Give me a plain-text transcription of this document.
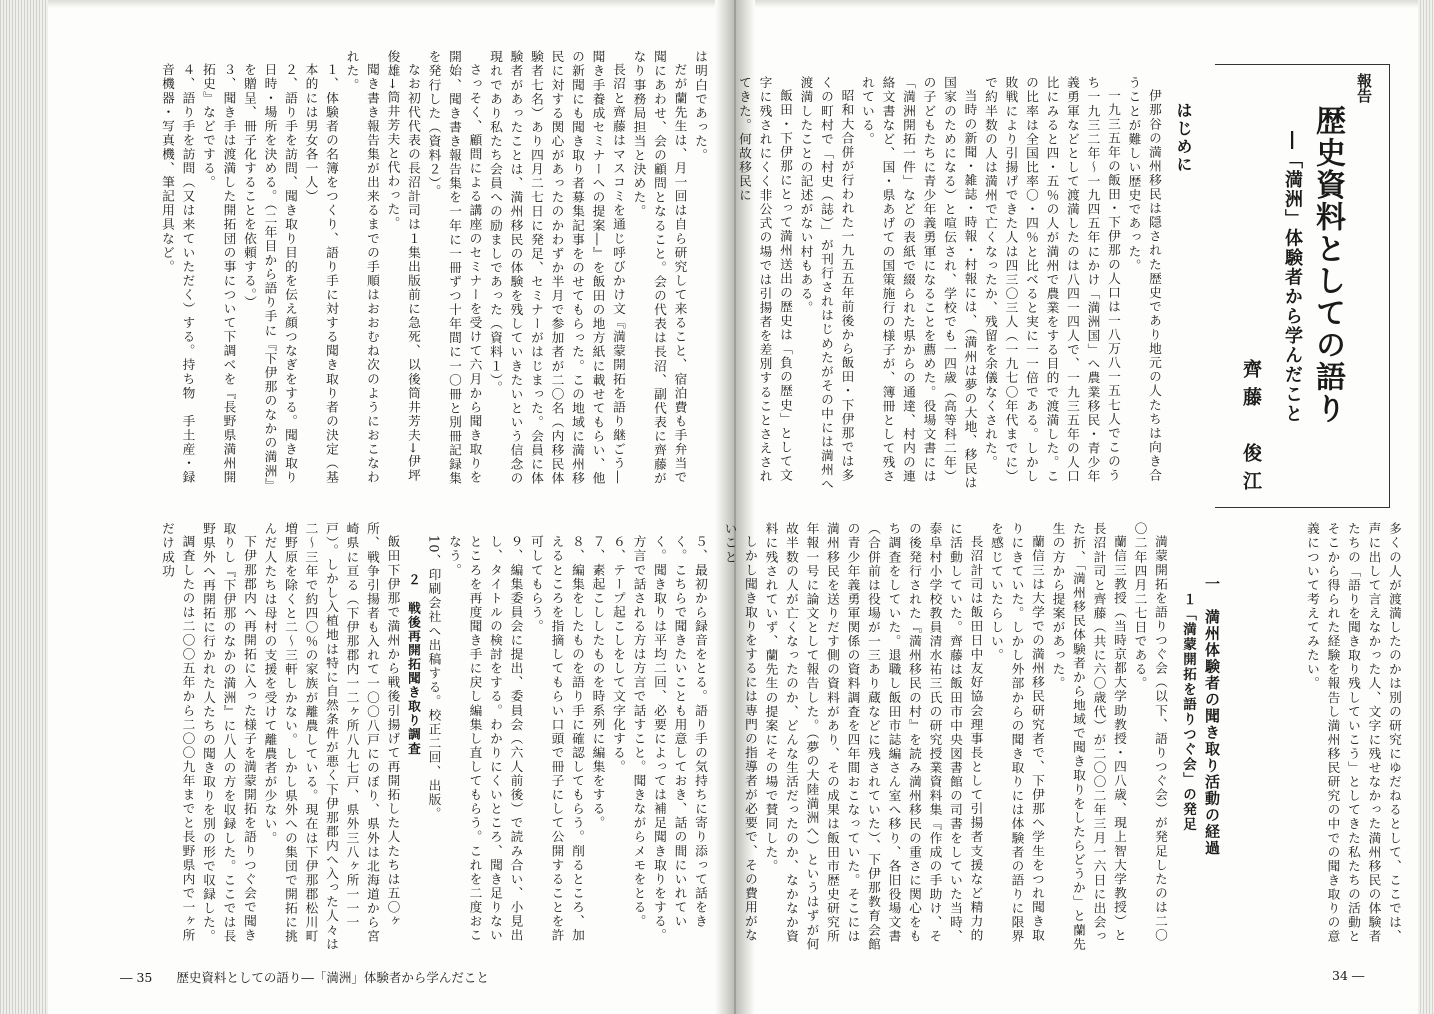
は明白であった。

だが蘭先生は、月一回は自ら研究して来ること、宿泊費も手弁当で聞にあわせ、会の顧問となること。会の代表は長沼、副代表に齊藤がなり事務局担当と決めた。

長沼と齊藤はマスコミを通じ呼びかけ文『満蒙開拓を語り継ごう―聞き手養成セミナーへの提案―』を飯田の地方紙に載せてもらい、他の新聞にも聞き取り者募集記事をのせてもらった。この地域に満州移民に対する関心があったのかわずか半月で参加者が二〇名（内移民体験者七名）あり四月二七日に発足、セミナーがはじまった。会員に体験者があったことは、満州移民の体験を残していきたいという信念の現れであり私たち会員への励ましであった（資料１）。

さっそく、顧問による講座のセミナーを受けて六月から聞き取りを開始、聞き書き報告集を一年に一冊ずつ十年間に一〇冊と別冊記録集を発行した（資料２）。

なお初代代表の長沼計司は１集出版前に急死、以後筒井芳夫→伊坪俊雄→筒井芳夫と代わった。

聞き書き報告集が出来るまでの手順はおおむね次のようにおこなわれた。

１、体験者の名簿をつくり、語り手に対する聞き取り者の決定（基本的には男女各一人）

２、語り手を訪問、聞き取り目的を伝え顔つなぎをする。聞き取り日時・場所を決める。（二年目から語り手に『下伊那のなかの満洲』を贈呈、冊子化することを依頼する。）

３、聞き手は渡満した開拓団の事について下調べを『長野県満州開拓史』などでする。

４、語り手を訪問（又は来ていただく）する。持ち物　手土産・録音機器・写真機、筆記用具など。

５、最初から録音をとる。語り手の気持ちに寄り添って話をきく。こちらで聞きたいことも用意しておき、話の間にいれていく。聞き取りは平均二回、必要によっては補足聞き取りをする。方言で話される方は方言で話すこと。聞きながらメモをとる。

６、テープ起こしをして文字化する。

７、素起こししたものを時系列に編集をする。

８、編集をしたものを語り手に確認してもらう。削るところ、加えるところを指摘してもらい口頭で冊子にして公開することを許可してもらう。

９、編集委員会に提出、委員会（六人前後）で読み合い、小見出し、タイトルの検討をする。わかりにくいところ、聞き足りないところを再度聞き手に戻し編集し直してもらう。これを二度おこなう。

10、印刷会社へ出稿する。校正二回、出版。

２　戦後再開拓聞き取り調査

飯田下伊那で満州から戦後引揚げて再開拓した人たちは五〇ヶ所、戦争引揚者も入れて一〇〇八戸にのぼり、県外は北海道から宮崎県に亘る（下伊那郡内一二ヶ所八九七戸、県外三八ヶ所一一一戸）。しかし入植地は特に自然条件が悪く下伊那郡内へ入った人々は二～三年で約四〇％の家族が離農している。現在は下伊那郡松川町増野原を除くと二～三軒しかない。しかし県外への集団で開拓に挑んだ人たちは母村の支援を受けて離農者が少ない。

下伊那郡内へ再開拓に入った様子を満蒙開拓を語りつぐ会で聞き取りし『下伊那のなかの満洲』に八人の方を収録した。ここでは長野県外へ再開拓に行かれた人たちの聞き取りを別の形で収録した。

調査したのは二〇〇五年から二〇〇九年までと長野県内で一ヶ所だけ成功

報告
歴史資料としての語り
―「満洲」体験者から学んだこと
齊藤　俊江
はじめに

伊那谷の満州移民は隠された歴史であり地元の人たちは向き合うことが難しい歴史であった。

一九三五年の飯田・下伊那の人口は一八万八一五七人でこのうち一九三二年～一九四五年にかけ「満洲国」へ農業移民・青少年義勇軍などとして渡満したのは八四一四人で、一九三五年の人口比にみると四・五％の人が満州で農業をする目的で渡満した。この比率は全国比率〇・四％と比べると実に一一倍である。しかし敗戦により引揚げできた人は四三〇三人（一九七〇年代までに）で約半数の人は満州で亡くなったか、残留を余儀なくされた。

当時の新聞・雑誌・時報・村報には、（満州は夢の大地、移民は国家のためになる）と喧伝され、学校でも一四歳（高等科二年）の子どもたちに青少年義勇軍になることを薦めた。役場文書には「満洲開拓一件」などの表紙で綴られた県からの通達、村内の連絡文書など、国・県あげての国策施行の様子が、簿冊として残されている。

昭和大合併が行われた一九五五年前後から飯田・下伊那では多くの町村で「村史（誌）」が刊行されはじめたがその中には満州へ渡満したことの記述がない村もある。

飯田・下伊那にとって満州送出の歴史は「負の歴史」として文字に残されにくく非公式の場では引揚者を差別することさえされてきた。何故移民に

多くの人が渡満したのかは別の研究にゆだねるとして、ここでは、声に出して言えなかった人、文字に残せなかった満州移民の体験者たちの「語りを聞き取り残していこう」としてきた私たちの活動とそこから得られた経験を報告し満州移民研究の中での聞き取りの意義について考えてみたい。

一　満州体験者の聞き取り活動の経過
１「満蒙開拓を語りつぐ会」の発足

満蒙開拓を語りつぐ会（以下、語りつぐ会）が発足したのは二〇〇二年四月二七日である。

蘭信三教授（当時京都大学助教授・四八歳、現上智大学教授）と長沼計司と齊藤（共に六〇歳代）が二〇〇二年三月一六日に出会った折、「満州移民体験者から地域で聞き取りをしたらどうか」と蘭先生の方から提案があった。

蘭信三は大学での満州移民研究者で、下伊那へ学生をつれ聞き取りにきていた。しかし外部からの聞き取りには体験者の語りに限界を感じていたらしい。

長沼計司は飯田日中友好協会理事長として引揚者支援など精力的に活動していた。齊藤は飯田市中央図書館の司書をしていた当時、泰阜村小学校教員清水祐三氏の研究授業資料集『作成の手助け、その後発行された『満州移民の村』を読み満州移民の重さに関心をもち調査をしていた。退職し飯田市誌編さん室へ移り、各旧役場文書（合併前は役場が一三あり蔵などに残されていた）、下伊那教育会館の青少年義勇軍関係の資料調査を四年間おこなっていた。そこには満州移民を送りだす側の資料があり、その成果は飯田市歴史研究所年報一号に論文として報告した。（夢の大陸満洲へ）というはずが何故半数の人が亡くなったのか、どんな生活だったのか、なかなか資料に残されていず、蘭先生の提案にその場で賛同した。

しかし聞き取りをするには専門の指導者が必要で、その費用がないこと

― 35 歴史資料としての語り―「満洲」体験者から学んだこと	34 ―
